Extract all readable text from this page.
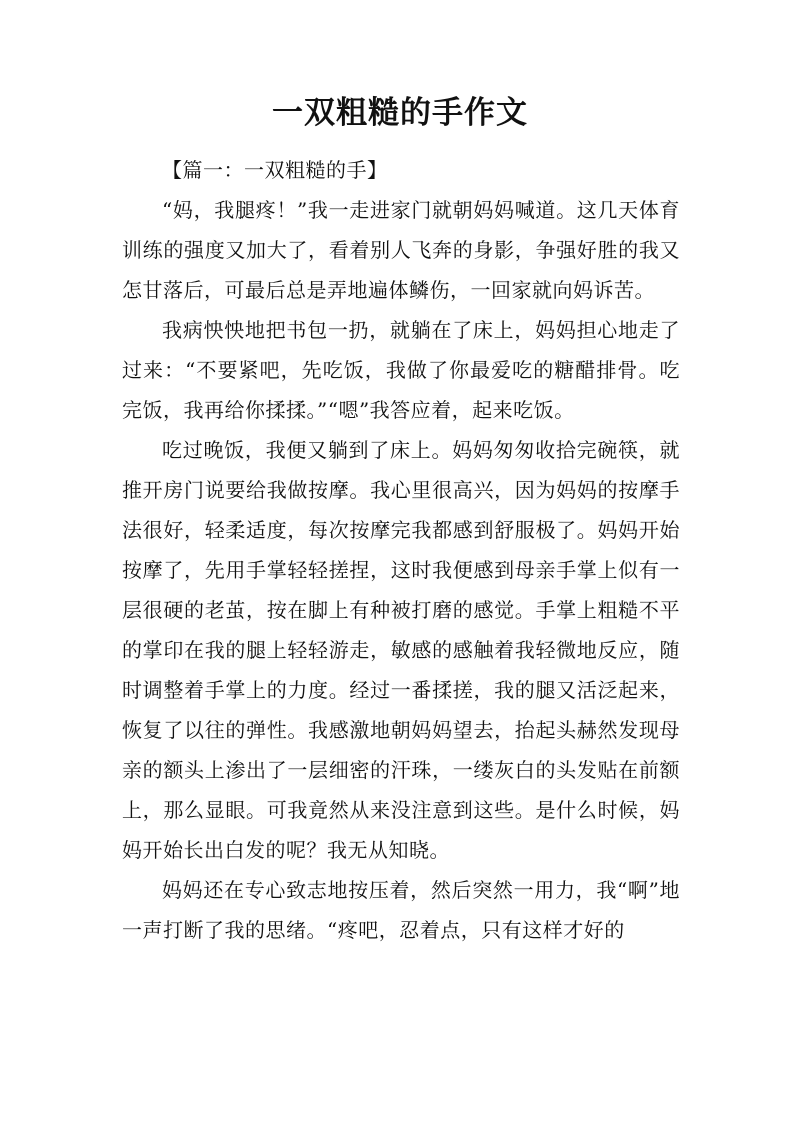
一双粗糙的手作文

【篇一：一双粗糙的手】

“妈，我腿疼！”我一走进家门就朝妈妈喊道。这几天体育训练的强度又加大了，看着别人飞奔的身影，争强好胜的我又怎甘落后，可最后总是弄地遍体鳞伤，一回家就向妈诉苦。

我病怏怏地把书包一扔，就躺在了床上，妈妈担心地走了过来：“不要紧吧，先吃饭，我做了你最爱吃的糖醋排骨。吃完饭，我再给你揉揉。”“嗯”我答应着，起来吃饭。

吃过晚饭，我便又躺到了床上。妈妈匆匆收拾完碗筷，就推开房门说要给我做按摩。我心里很高兴，因为妈妈的按摩手法很好，轻柔适度，每次按摩完我都感到舒服极了。妈妈开始按摩了，先用手掌轻轻搓捏，这时我便感到母亲手掌上似有一层很硬的老茧，按在脚上有种被打磨的感觉。手掌上粗糙不平的掌印在我的腿上轻轻游走，敏感的感触着我轻微地反应，随时调整着手掌上的力度。经过一番揉搓，我的腿又活泛起来，恢复了以往的弹性。我感激地朝妈妈望去，抬起头赫然发现母亲的额头上渗出了一层细密的汗珠，一缕灰白的头发贴在前额上，那么显眼。可我竟然从来没注意到这些。是什么时候，妈妈开始长出白发的呢？我无从知晓。

妈妈还在专心致志地按压着，然后突然一用力，我“啊”地一声打断了我的思绪。“疼吧，忍着点，只有这样才好的
